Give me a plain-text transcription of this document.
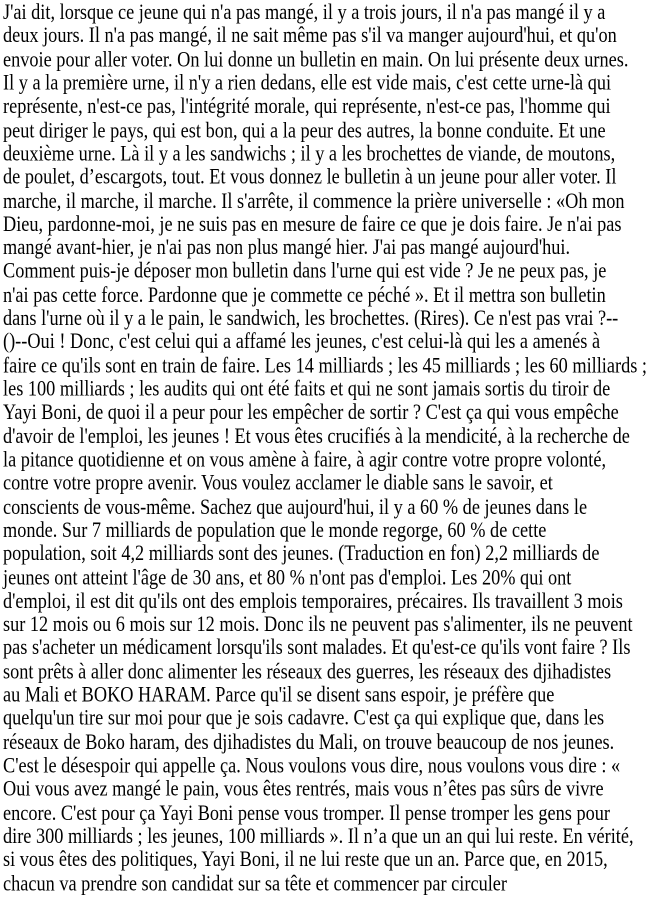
J'ai dit, lorsque ce jeune qui n'a pas mangé, il y a trois jours, il n'a pas mangé il y a
deux jours. Il n'a pas mangé, il ne sait même pas s'il va manger aujourd'hui, et qu'on
envoie pour aller voter. On lui donne un bulletin en main. On lui présente deux urnes.
Il y a la première urne, il n'y a rien dedans, elle est vide mais, c'est cette urne-là qui
représente, n'est-ce pas, l'intégrité morale, qui représente, n'est-ce pas, l'homme qui
peut diriger le pays, qui est bon, qui a la peur des autres, la bonne conduite. Et une
deuxième urne. Là il y a les sandwichs ; il y a les brochettes de viande, de moutons,
de poulet, d’escargots, tout. Et vous donnez le bulletin à un jeune pour aller voter. Il
marche, il marche, il marche. Il s'arrête, il commence la prière universelle : «Oh mon
Dieu, pardonne-moi, je ne suis pas en mesure de faire ce que je dois faire. Je n'ai pas
mangé avant-hier, je n'ai pas non plus mangé hier. J'ai pas mangé aujourd'hui.
Comment puis-je déposer mon bulletin dans l'urne qui est vide ? Je ne peux pas, je
n'ai pas cette force. Pardonne que je commette ce péché ». Et il mettra son bulletin
dans l'urne où il y a le pain, le sandwich, les brochettes. (Rires). Ce n'est pas vrai ?--
()--Oui ! Donc, c'est celui qui a affamé les jeunes, c'est celui-là qui les a amenés à
faire ce qu'ils sont en train de faire. Les 14 milliards ; les 45 milliards ; les 60 milliards ;
les 100 milliards ; les audits qui ont été faits et qui ne sont jamais sortis du tiroir de
Yayi Boni, de quoi il a peur pour les empêcher de sortir ? C'est ça qui vous empêche
d'avoir de l'emploi, les jeunes ! Et vous êtes crucifiés à la mendicité, à la recherche de
la pitance quotidienne et on vous amène à faire, à agir contre votre propre volonté,
contre votre propre avenir. Vous voulez acclamer le diable sans le savoir, et
conscients de vous-même. Sachez que aujourd'hui, il y a 60 % de jeunes dans le
monde. Sur 7 milliards de population que le monde regorge, 60 % de cette
population, soit 4,2 milliards sont des jeunes. (Traduction en fon) 2,2 milliards de
jeunes ont atteint l'âge de 30 ans, et 80 % n'ont pas d'emploi. Les 20% qui ont
d'emploi, il est dit qu'ils ont des emplois temporaires, précaires. Ils travaillent 3 mois
sur 12 mois ou 6 mois sur 12 mois. Donc ils ne peuvent pas s'alimenter, ils ne peuvent
pas s'acheter un médicament lorsqu'ils sont malades. Et qu'est-ce qu'ils vont faire ? Ils
sont prêts à aller donc alimenter les réseaux des guerres, les réseaux des djihadistes
au Mali et BOKO HARAM. Parce qu'il se disent sans espoir, je préfère que
quelqu'un tire sur moi pour que je sois cadavre. C'est ça qui explique que, dans les
réseaux de Boko haram, des djihadistes du Mali, on trouve beaucoup de nos jeunes.
C'est le désespoir qui appelle ça. Nous voulons vous dire, nous voulons vous dire : «
Oui vous avez mangé le pain, vous êtes rentrés, mais vous n’êtes pas sûrs de vivre
encore. C'est pour ça Yayi Boni pense vous tromper. Il pense tromper les gens pour
dire 300 milliards ; les jeunes, 100 milliards ». Il n’a que un an qui lui reste. En vérité,
si vous êtes des politiques, Yayi Boni, il ne lui reste que un an. Parce que, en 2015,
chacun va prendre son candidat sur sa tête et commencer par circuler
